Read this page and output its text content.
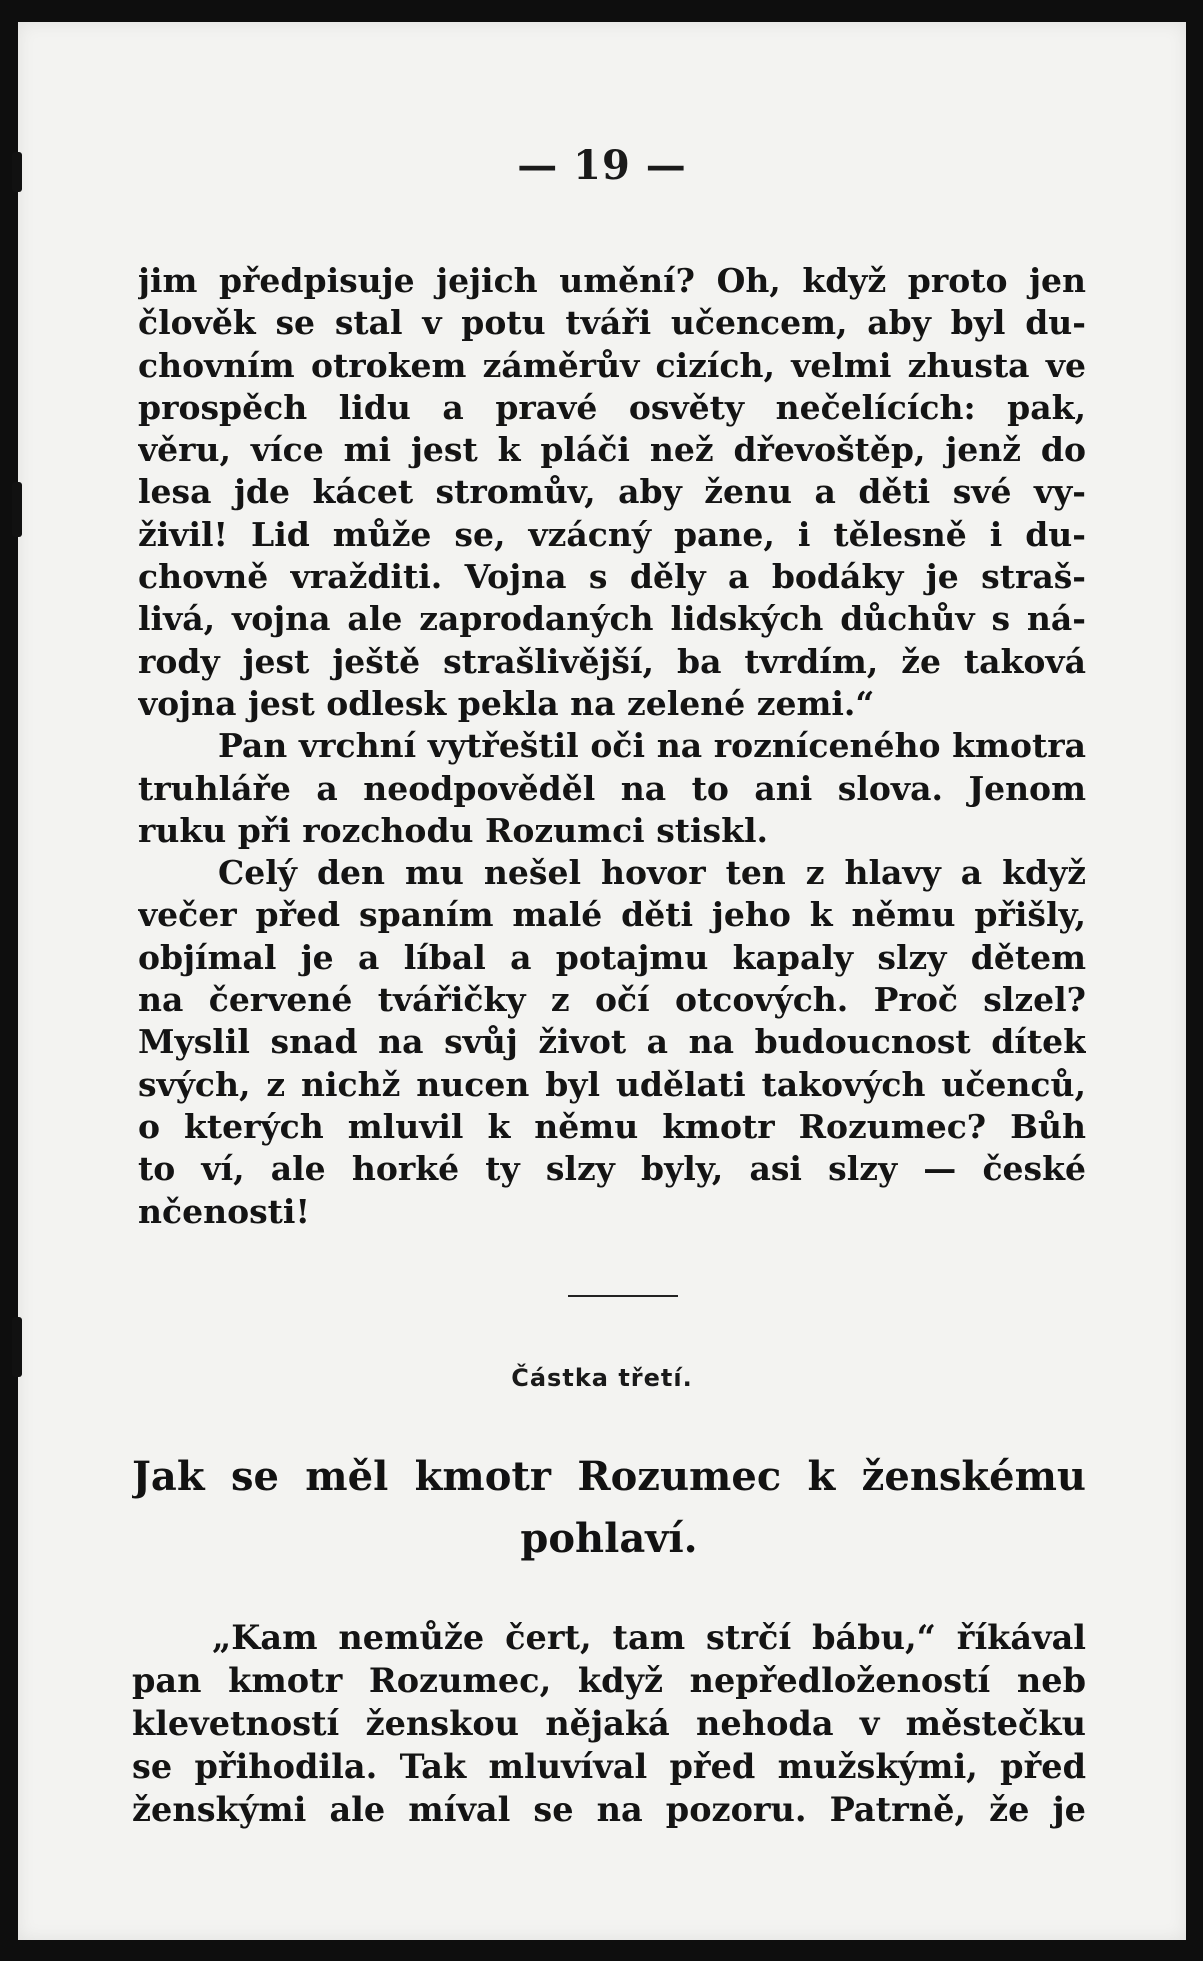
— 19 —
jim předpisuje jejich umění? Oh, když proto jen
člověk se stal v potu tváři učencem, aby byl du-
chovním otrokem záměrův cizích, velmi zhusta ve
prospěch lidu a pravé osvěty nečelících: pak,
věru, více mi jest k pláči než dřevoštěp, jenž do
lesa jde kácet stromův, aby ženu a děti své vy-
živil! Lid může se, vzácný pane, i tělesně i du-
chovně vražditi. Vojna s děly a bodáky je straš-
livá, vojna ale zaprodaných lidských důchův s ná-
rody jest ještě strašlivější, ba tvrdím, že taková
vojna jest odlesk pekla na zelené zemi.“
Pan vrchní vytřeštil oči na rozníceného kmotra
truhláře a neodpověděl na to ani slova. Jenom
ruku při rozchodu Rozumci stiskl.
Celý den mu nešel hovor ten z hlavy a když
večer před spaním malé děti jeho k němu přišly,
objímal je a líbal a potajmu kapaly slzy dětem
na červené tvářičky z očí otcových. Proč slzel?
Myslil snad na svůj život a na budoucnost dítek
svých, z nichž nucen byl udělati takových učenců,
o kterých mluvil k němu kmotr Rozumec? Bůh
to ví, ale horké ty slzy byly, asi slzy — české
nčenosti!
Částka třetí.
Jak se měl kmotr Rozumec k ženskému
pohlaví.
„Kam nemůže čert, tam strčí bábu,“ říkával
pan kmotr Rozumec, když nepředložeností neb
klevetností ženskou nějaká nehoda v městečku
se přihodila. Tak mluvíval před mužskými, před
ženskými ale míval se na pozoru. Patrně, že je
